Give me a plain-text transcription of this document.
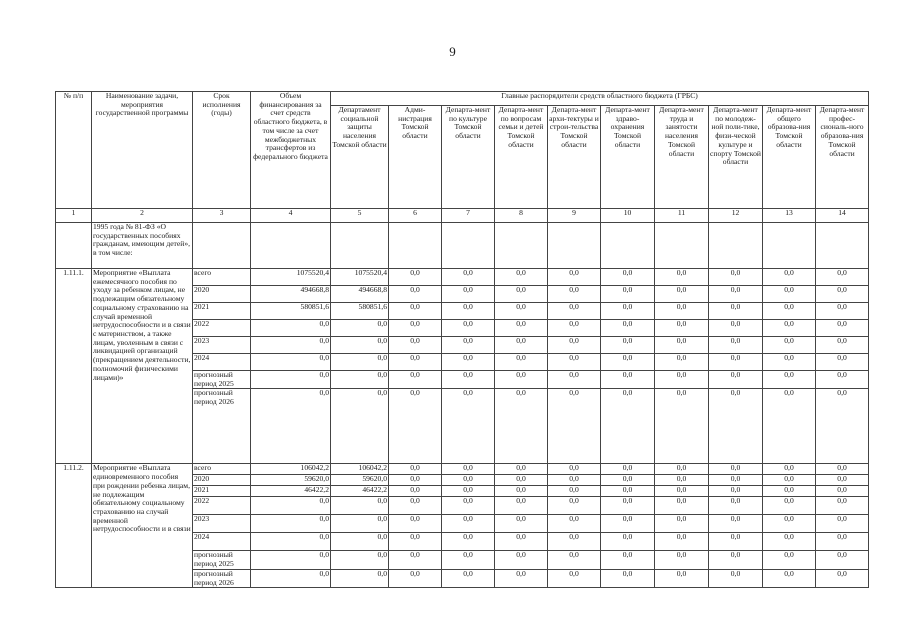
9
№ п/п	Наименование задачи, мероприятия государственной программы	Срок исполнения (годы)	Объем финансирования за счет средств областного бюджета, в том числе за счет межбюджетных трансфертов из федерального бюджета	Главные распорядители средств областного бюджета (ГРБС)									
				Департамент социальной защиты населения Томской области	Адми-нистрация Томской области	Департа-мент по культуре Томской области	Департа-мент по вопросам семьи и детей Томской области	Департа-мент архи-тектуры и строи-тельства Томской области	Департа-мент здраво-охранения Томской области	Департа-мент труда и занятости населения Томской области	Департа-мент по молодеж-ной поли-тике, физи-ческой культуре и спорту Томской области	Департа-мент общего образова-ния Томской области	Департа-мент профес-сиональ-ного образова-ния Томской области
1	2	3	4	5	6	7	8	9	10	11	12	13	14
	1995 года № 81-ФЗ «О государственных пособиях гражданам, имеющим детей», в том числе:												
1.11.1.	Мероприятие «Выплата ежемесячного пособия по уходу за ребенком лицам, не подлежащим обязательному социальному страхованию на случай временной нетрудоспособности и в связи с материнством, а также лицам, уволенным в связи с ликвидацией организаций (прекращением деятельности, полномочий физическими лицами)»	всего	1075520,4	1075520,4	0,0	0,0	0,0	0,0	0,0	0,0	0,0	0,0	0,0
		2020	494668,8	494668,8	0,0	0,0	0,0	0,0	0,0	0,0	0,0	0,0	0,0
		2021	580851,6	580851,6	0,0	0,0	0,0	0,0	0,0	0,0	0,0	0,0	0,0
		2022	0,0	0,0	0,0	0,0	0,0	0,0	0,0	0,0	0,0	0,0	0,0
		2023	0,0	0,0	0,0	0,0	0,0	0,0	0,0	0,0	0,0	0,0	0,0
		2024	0,0	0,0	0,0	0,0	0,0	0,0	0,0	0,0	0,0	0,0	0,0
		прогнозный период 2025	0,0	0,0	0,0	0,0	0,0	0,0	0,0	0,0	0,0	0,0	0,0
		прогнозный период 2026	0,0	0,0	0,0	0,0	0,0	0,0	0,0	0,0	0,0	0,0	0,0
1.11.2.	Мероприятие «Выплата единовременного пособия при рождении ребенка лицам, не подлежащим обязательному социальному страхованию на случай временной нетрудоспособности и в связи	всего	106042,2	106042,2	0,0	0,0	0,0	0,0	0,0	0,0	0,0	0,0	0,0
		2020	59620,0	59620,0	0,0	0,0	0,0	0,0	0,0	0,0	0,0	0,0	0,0
		2021	46422,2	46422,2	0,0	0,0	0,0	0,0	0,0	0,0	0,0	0,0	0,0
		2022	0,0	0,0	0,0	0,0	0,0	0,0	0,0	0,0	0,0	0,0	0,0
		2023	0,0	0,0	0,0	0,0	0,0	0,0	0,0	0,0	0,0	0,0	0,0
		2024	0,0	0,0	0,0	0,0	0,0	0,0	0,0	0,0	0,0	0,0	0,0
		прогнозный период 2025	0,0	0,0	0,0	0,0	0,0	0,0	0,0	0,0	0,0	0,0	0,0
		прогнозный период 2026	0,0	0,0	0,0	0,0	0,0	0,0	0,0	0,0	0,0	0,0	0,0
